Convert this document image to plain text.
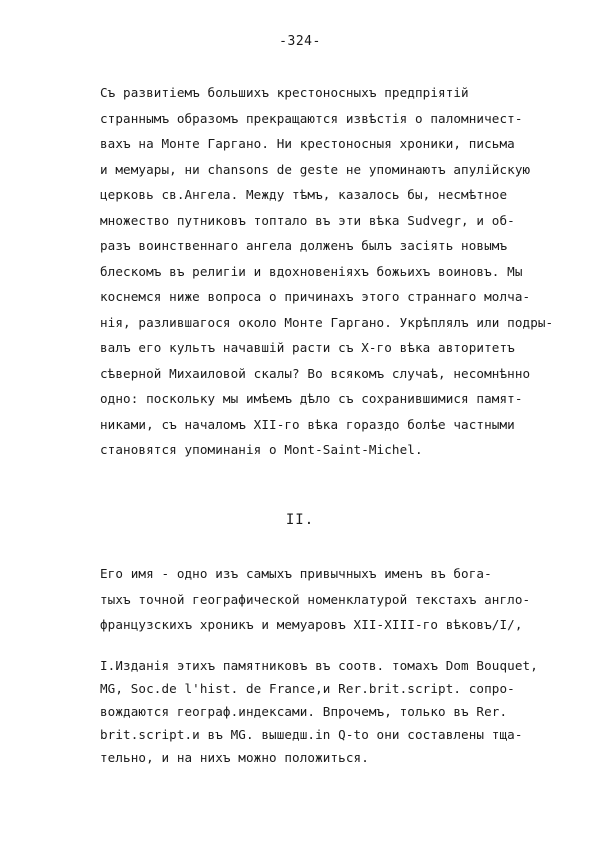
-324-
Съ развитіемъ большихъ крестоносныхъ предпріятій
страннымъ образомъ прекращаются извѣстія о паломничест-
вахъ на Монте Гаргано. Ни крестоносныя хроники, письма
и мемуары, ни chansons de geste не упоминаютъ апулійскую
церковь св.Ангела. Между тѣмъ, казалось бы, несмѣтное
множество путниковъ топтало въ эти вѣка Sudvegr, и об-
разъ воинственнаго ангела долженъ былъ засіять новымъ
блескомъ въ религіи и вдохновеніяхъ божьихъ воиновъ. Мы
коснемся ниже вопроса о причинахъ этого страннаго молча-
нія, разлившагося около Монте Гаргано. Укрѣплялъ или подры-
валъ его культъ начавшій расти съ Х-го вѣка авторитетъ
сѣверной Михаиловой скалы? Во всякомъ случаѣ, несомнѣнно
одно: поскольку мы имѣемъ дѣло съ сохранившимися памят-
никами, съ началомъ XII-го вѣка гораздо болѣе частными
становятся упоминанія о Mont-Saint-Michel.
II.
Его имя - одно изъ самыхъ привычныхъ именъ въ бога-
тыхъ точной географической номенклатурой текстахъ англо-
французскихъ хроникъ и мемуаровъ XII-XIII-го вѣковъ/I/,
I.Изданія этихъ памятниковъ въ соотв. томахъ Dom Bouquet,
MG, Soc.de l'hist. de France,и Rer.brit.script. сопро-
вождаются географ.индексами. Впрочемъ, только въ Rer.
brit.script.и въ MG. вышедш.in Q-to они составлены тща-
тельно, и на нихъ можно положиться.
